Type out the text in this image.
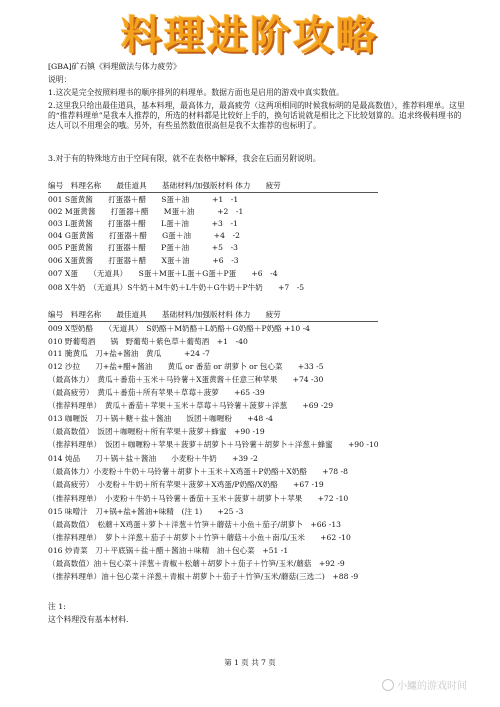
料理进阶攻略
[GBA]矿石镇《料理做法与体力疲劳》
说明：
1.这次是完全按照料理书的顺序排列的料理单。数据方面也是启用的游戏中真实数值。
2.这里我只给出最佳道具，基本料理，最高体力，最高疲劳（这两项相同的时候我标明的是最高数值），推荐料理单。这里的“推荐料理单”是我本人推荐的，所选的材料都是比较好上手的，换句话说就是相比之下比较划算的。追求终极料理书的达人可以不用理会的哦。另外，有些虽然数值很高但是我不太推荐的也标明了。
3.对于有的特殊地方由于空间有限，就不在表格中解释，我会在后面另附说明。
编号　料理名称　　最佳道具　　基础材料/加强版材料 体力　　疲劳
001 S蛋黄酱　　打蛋器＋醋　　S蛋＋油　　　+1　-1
002 M蛋黄酱　　打蛋器＋醋　　M蛋＋油　　　+2　-1
003 L蛋黄酱　　打蛋器＋醋　　L蛋＋油　　　+3　-1
004 G蛋黄酱　　打蛋器＋醋　　G蛋＋油　　　+4　-2
005 P蛋黄酱　　打蛋器＋醋　　P蛋＋油　　　+5　-3
006 X蛋黄酱　　打蛋器＋醋　　X蛋＋油　　　+6　-3
007 X蛋　　（无道具）　　S蛋＋M蛋＋L蛋＋G蛋＋P蛋　　+6　-4
008 X牛奶　（无道具）S牛奶＋M牛奶＋L牛奶＋G牛奶＋P牛奶　　+7　-5
编号　料理名称　　最佳道具　　基础材料/加强版材料 体力　　疲劳
009 X型奶酪　　（无道具）　S奶酪＋M奶酪＋L奶酪＋G奶酪＋P奶酪 +10 -4
010 野葡萄酒　　锅　野葡萄＋紫色草＋葡萄酒　+1　-40
011 腌黄瓜　刀+盐+酱油　黄瓜　　　+24 -7
012 沙拉　　刀+盐+醋+酱油　　黄瓜 or 番茄 or 胡萝卜 or 包心菜　　+33 -5
（最高体力）　黄瓜＋番茄＋玉米＋马铃薯＋X蛋黄酱＋任意三种苹果　　+74 -30
（最高疲劳）　黄瓜＋番茄＋所有苹果＋草莓＋菠萝　　+65 -39
（推荐料理单）　黄瓜＋番茄＋苹果＋玉米＋草莓＋马铃薯＋菠萝＋洋葱　　+69 -29
013 咖喱饭　刀＋锅＋糖＋盐＋酱油　　饭团＋咖喱粉　　+48 -4
（最高数值）　饭团＋咖喱粉＋所有苹果＋菠萝＋蜂蜜　+90 -19
（推荐料理单）　饭团＋咖喱粉＋苹果＋菠萝＋胡萝卜＋马铃薯＋胡萝卜＋洋葱＋蜂蜜　　+90 -10
014 炖品　　刀＋锅＋盐＋酱油　　小麦粉＋牛奶　　+39 -2
（最高体力）小麦粉＋牛奶＋马铃薯＋胡萝卜＋玉米＋X鸡蛋＋P奶酪＋X奶酪　　+78 -8
（最高疲劳）　小麦粉＋牛奶＋所有苹果＋菠萝＋X鸡蛋/P奶酪/X奶酪　　+67 -19
（推荐料理单）　小麦粉＋牛奶＋马铃薯＋番茄＋玉米＋菠萝＋胡萝卜＋苹果　　+72 -10
015 味噌汁　刀+锅+盐+酱油+味精　(注 1)　　+25 -3
（最高数值）　松蘑＋X鸡蛋＋萝卜＋洋葱＋竹笋＋蘑菇＋小鱼＋茄子/胡萝卜　+66 -13
（推荐料理单）　萝卜＋洋葱＋茄子＋胡萝卜＋竹笋＋蘑菇＋小鱼＋南瓜/玉米　　+62 -10
016 炒青菜　刀＋平底锅＋盐＋醋＋酱油＋味精　油＋包心菜　+51 -1
（最高数值）油＋包心菜＋洋葱＋青椒＋松蘑＋胡萝卜＋茄子＋竹笋/玉米/蘑菇　+92 -9
（推荐料理单）油＋包心菜＋洋葱＋青椒＋胡萝卜＋茄子＋竹笋/玉米/蘑菇(三选二)　+88 -9
注 1:
这个料理没有基本材料.
第 1 页 共 7 页
小鱷的游戏时间
